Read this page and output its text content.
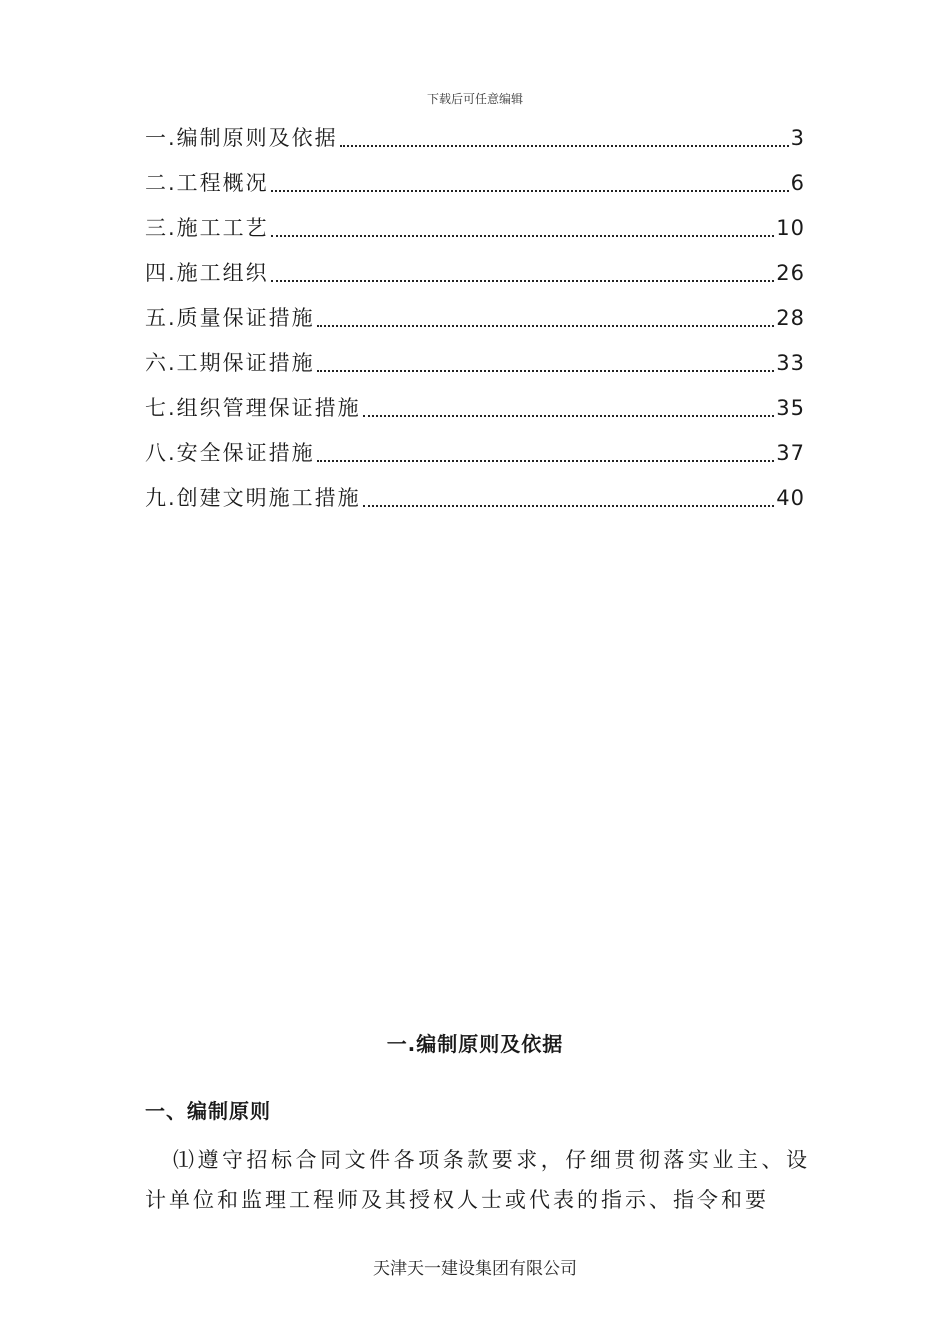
下载后可任意编辑
一.编制原则及依据	3
二.工程概况	6
三.施工工艺	10
四.施工组织	26
五.质量保证措施	28
六.工期保证措施	33
七.组织管理保证措施	35
八.安全保证措施	37
九.创建文明施工措施	40
一.编制原则及依据
一、编制原则
⑴遵守招标合同文件各项条款要求，仔细贯彻落实业主、设计单位和监理工程师及其授权人士或代表的指示、指令和要
天津天一建设集团有限公司
